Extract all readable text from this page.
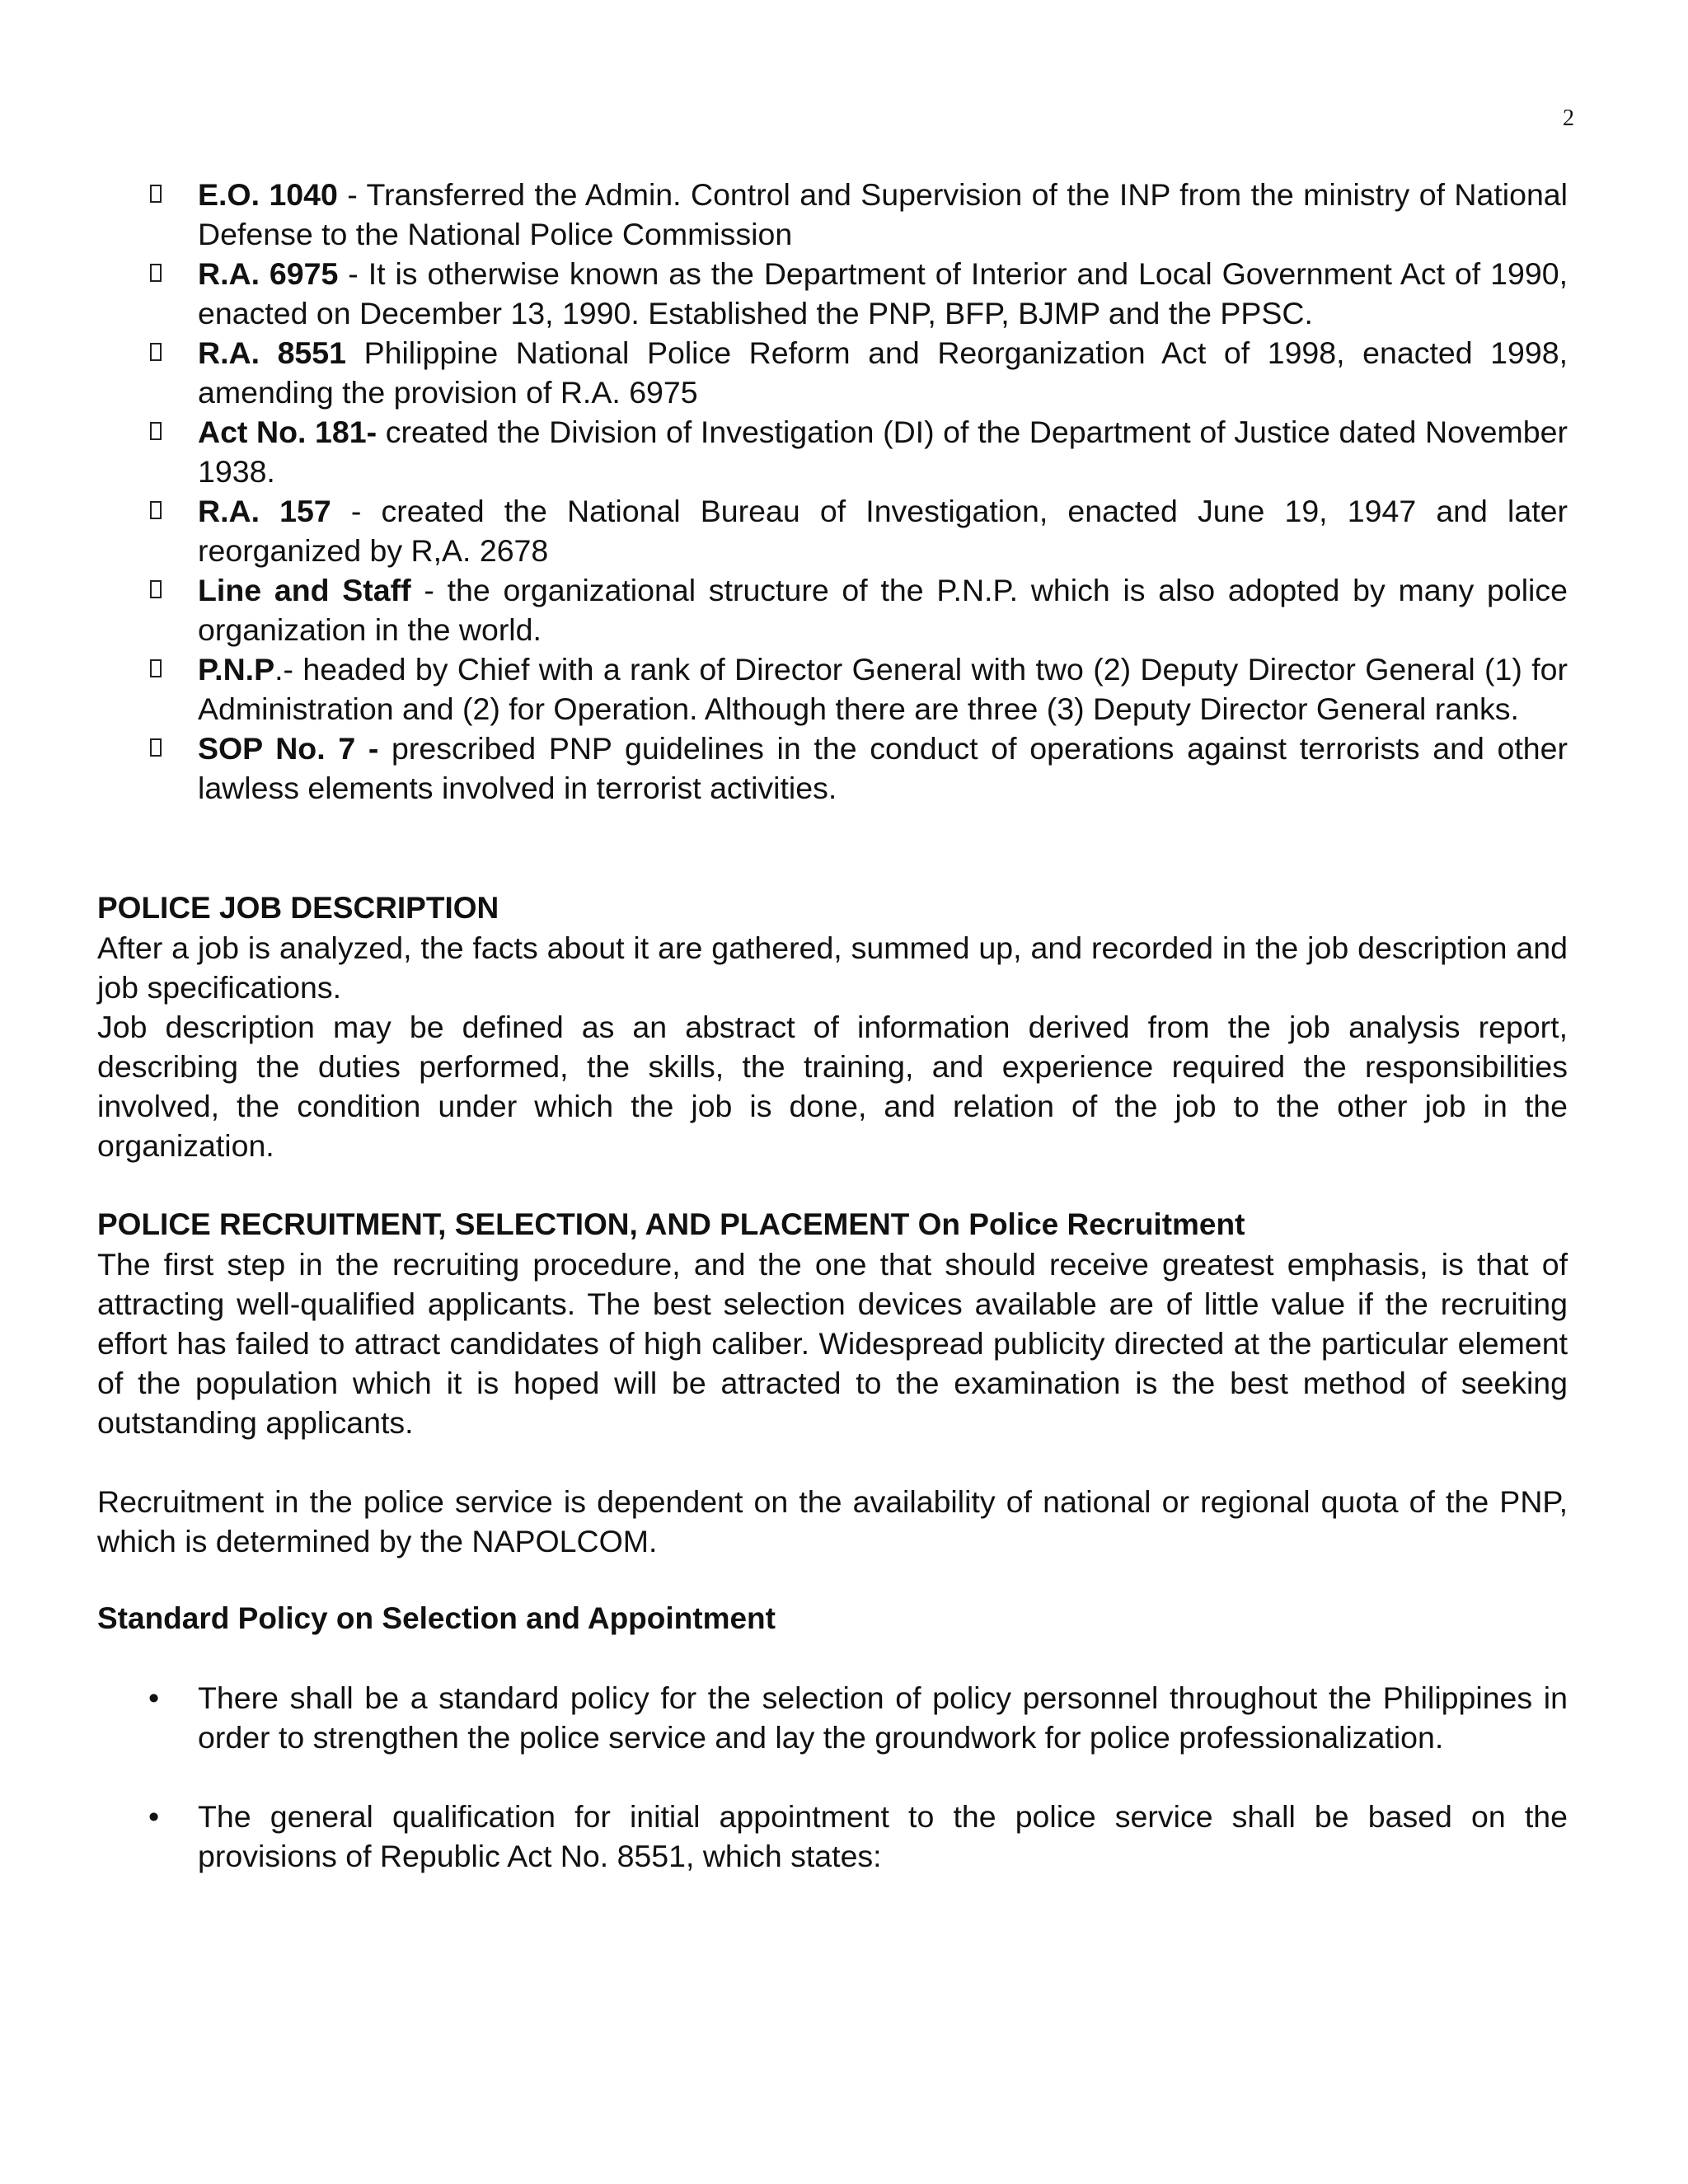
2
E.O. 1040 - Transferred the Admin. Control and Supervision of the INP from the ministry of National Defense to the National Police Commission
R.A. 6975 - It is otherwise known as the Department of Interior and Local Government Act of 1990, enacted on December 13, 1990. Established the PNP, BFP, BJMP and the PPSC.
R.A. 8551 Philippine National Police Reform and Reorganization Act of 1998, enacted 1998, amending the provision of R.A. 6975
Act No. 181- created the Division of Investigation (DI) of the Department of Justice dated November 1938.
R.A. 157 - created the National Bureau of Investigation, enacted June 19, 1947 and later reorganized by R,A. 2678
Line and Staff - the organizational structure of the P.N.P. which is also adopted by many police organization in the world.
P.N.P.- headed by Chief with a rank of Director General with two (2) Deputy Director General (1) for Administration and (2) for Operation. Although there are three (3) Deputy Director General ranks.
SOP No. 7 - prescribed PNP guidelines in the conduct of operations against terrorists and other lawless elements involved in terrorist activities.

POLICE JOB DESCRIPTION

After a job is analyzed, the facts about it are gathered, summed up, and recorded in the job description and job specifications.

Job description may be defined as an abstract of information derived from the job analysis report, describing the duties performed, the skills, the training, and experience required the responsibilities involved, the condition under which the job is done, and relation of the job to the other job in the organization.

POLICE RECRUITMENT, SELECTION, AND PLACEMENT On Police Recruitment

The first step in the recruiting procedure, and the one that should receive greatest emphasis, is that of attracting well-qualified applicants. The best selection devices available are of little value if the recruiting effort has failed to attract candidates of high caliber. Widespread publicity directed at the particular element of the population which it is hoped will be attracted to the examination is the best method of seeking outstanding applicants.

Recruitment in the police service is dependent on the availability of national or regional quota of the PNP, which is determined by the NAPOLCOM.

Standard Policy on Selection and Appointment

• There shall be a standard policy for the selection of policy personnel throughout the Philippines in order to strengthen the police service and lay the groundwork for police professionalization.
• The general qualification for initial appointment to the police service shall be based on the provisions of Republic Act No. 8551, which states:
